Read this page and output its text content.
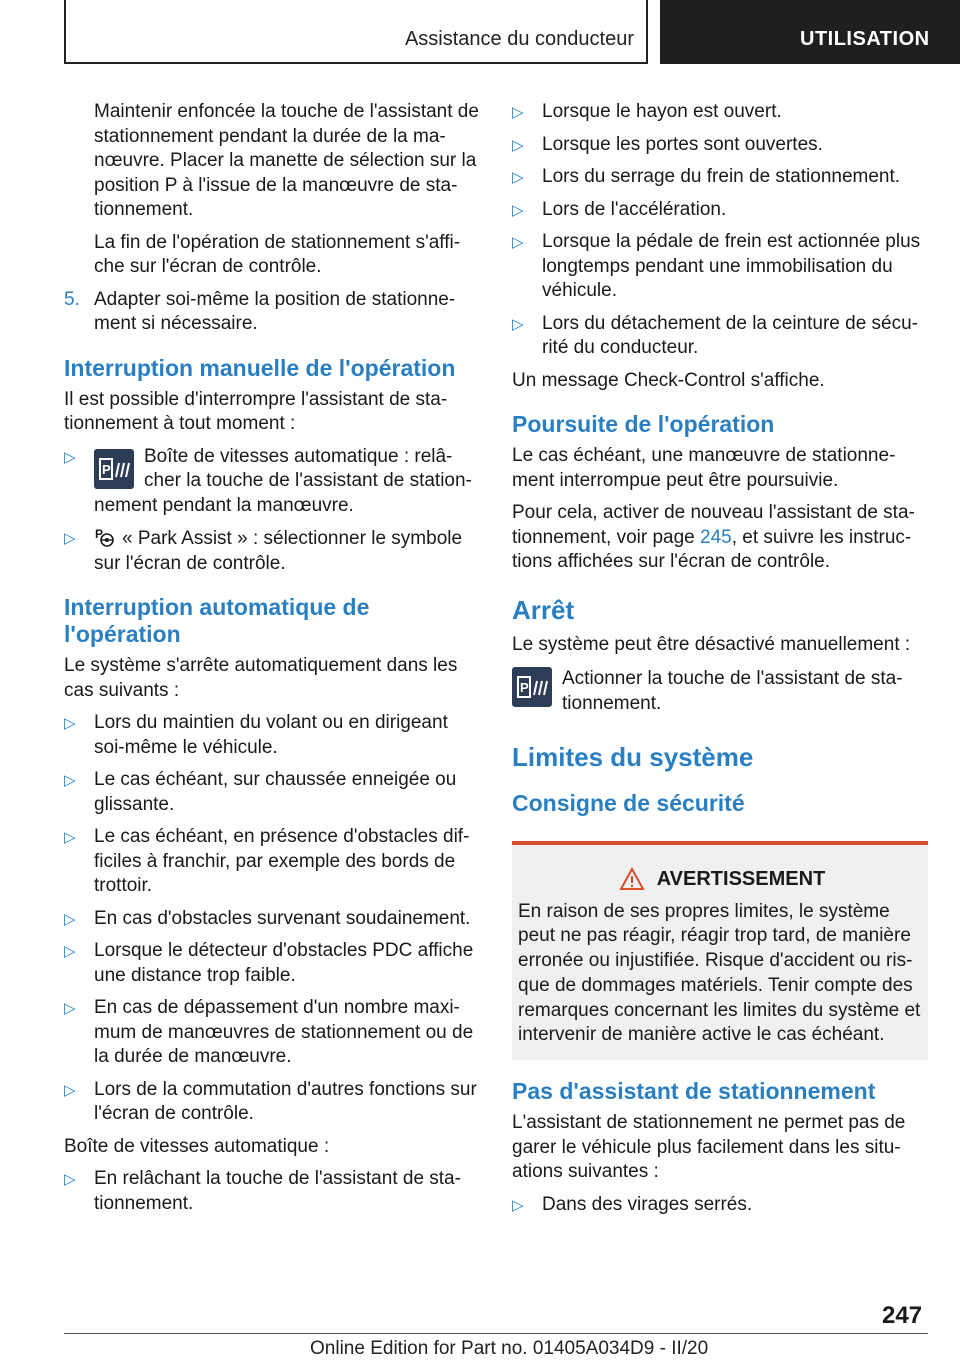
Assistance du conducteur	UTILISATION

Maintenir enfoncée la touche de l'assistant de stationnement pendant la durée de la ma‐ nœuvre. Placer la manette de sélection sur la position P à l'issue de la manœuvre de sta‐ tionnement.

La fin de l'opération de stationnement s'affi‐ che sur l'écran de contrôle.

5. Adapter soi-même la position de stationne‐ ment si nécessaire.
Interruption manuelle de l'opération

Il est possible d'interrompre l'assistant de sta‐ tionnement à tout moment :

▷
P
Boîte de vitesses automatique : relâ‐ cher la touche de l'assistant de station‐ nement pendant la manœuvre.
▷ P « Park Assist » : sélectionner le symbole sur l'écran de contrôle.
Interruption automatique de l'opération

Le système s'arrête automatiquement dans les cas suivants :

▷ Lors du maintien du volant ou en dirigeant soi-même le véhicule.
▷ Le cas échéant, sur chaussée enneigée ou glissante.
▷ Le cas échéant, en présence d'obstacles dif‐ ficiles à franchir, par exemple des bords de trottoir.
▷ En cas d'obstacles survenant soudainement.
▷ Lorsque le détecteur d'obstacles PDC affiche une distance trop faible.
▷ En cas de dépassement d'un nombre maxi‐ mum de manœuvres de stationnement ou de la durée de manœuvre.
▷ Lors de la commutation d'autres fonctions sur l'écran de contrôle.

Boîte de vitesses automatique :

▷ En relâchant la touche de l'assistant de sta‐ tionnement.
▷ Lorsque le hayon est ouvert.
▷ Lorsque les portes sont ouvertes.
▷ Lors du serrage du frein de stationnement.
▷ Lors de l'accélération.
▷ Lorsque la pédale de frein est actionnée plus longtemps pendant une immobilisation du véhicule.
▷ Lors du détachement de la ceinture de sécu‐ rité du conducteur.

Un message Check-Control s'affiche.

Poursuite de l'opération

Le cas échéant, une manœuvre de stationne‐ ment interrompue peut être poursuivie.

Pour cela, activer de nouveau l'assistant de sta‐ tionnement, voir page 245, et suivre les instruc‐ tions affichées sur l'écran de contrôle.

Arrêt

Le système peut être désactivé manuellement :

P Actionner la touche de l'assistant de sta‐ tionnement.
Limites du système
Consigne de sécurité
AVERTISSEMENT
En raison de ses propres limites, le système peut ne pas réagir, réagir trop tard, de manière erronée ou injustifiée. Risque d'accident ou ris‐ que de dommages matériels. Tenir compte des remarques concernant les limites du système et intervenir de manière active le cas échéant.
Pas d'assistant de stationnement

L'assistant de stationnement ne permet pas de garer le véhicule plus facilement dans les situ‐ ations suivantes :

▷ Dans des virages serrés.
247
Online Edition for Part no. 01405A034D9 - II/20
